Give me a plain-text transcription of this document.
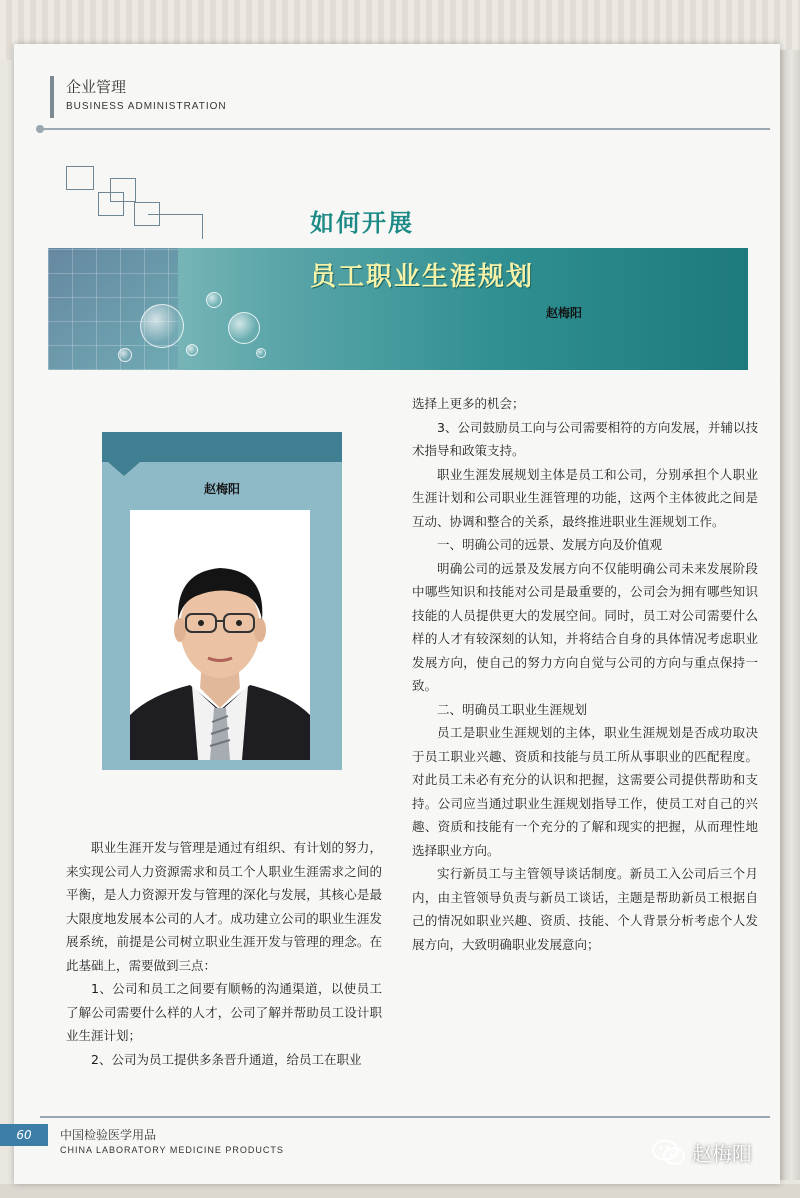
企业管理
BUSINESS ADMINISTRATION
如何开展
员工职业生涯规划
赵梅阳
赵梅阳

选择上更多的机会；

3、公司鼓励员工向与公司需要相符的方向发展，并辅以技术指导和政策支持。

职业生涯发展规划主体是员工和公司，分别承担个人职业生涯计划和公司职业生涯管理的功能，这两个主体彼此之间是互动、协调和整合的关系，最终推进职业生涯规划工作。

一、明确公司的远景、发展方向及价值观

明确公司的远景及发展方向不仅能明确公司未来发展阶段中哪些知识和技能对公司是最重要的，公司会为拥有哪些知识技能的人员提供更大的发展空间。同时，员工对公司需要什么样的人才有较深刻的认知，并将结合自身的具体情况考虑职业发展方向，使自己的努力方向自觉与公司的方向与重点保持一致。

二、明确员工职业生涯规划

员工是职业生涯规划的主体，职业生涯规划是否成功取决于员工职业兴趣、资质和技能与员工所从事职业的匹配程度。对此员工未必有充分的认识和把握，这需要公司提供帮助和支持。公司应当通过职业生涯规划指导工作，使员工对自己的兴趣、资质和技能有一个充分的了解和现实的把握，从而理性地选择职业方向。

实行新员工与主管领导谈话制度。新员工入公司后三个月内，由主管领导负责与新员工谈话，主题是帮助新员工根据自己的情况如职业兴趣、资质、技能、个人背景分析考虑个人发展方向，大致明确职业发展意向；

职业生涯开发与管理是通过有组织、有计划的努力，来实现公司人力资源需求和员工个人职业生涯需求之间的平衡，是人力资源开发与管理的深化与发展，其核心是最大限度地发展本公司的人才。成功建立公司的职业生涯发展系统，前提是公司树立职业生涯开发与管理的理念。在此基础上，需要做到三点：

1、公司和员工之间要有顺畅的沟通渠道，以使员工了解公司需要什么样的人才，公司了解并帮助员工设计职业生涯计划；

2、公司为员工提供多条晋升通道，给员工在职业

60	中国检验医学用品
CHINA LABORATORY MEDICINE PRODUCTS	赵梅阳
